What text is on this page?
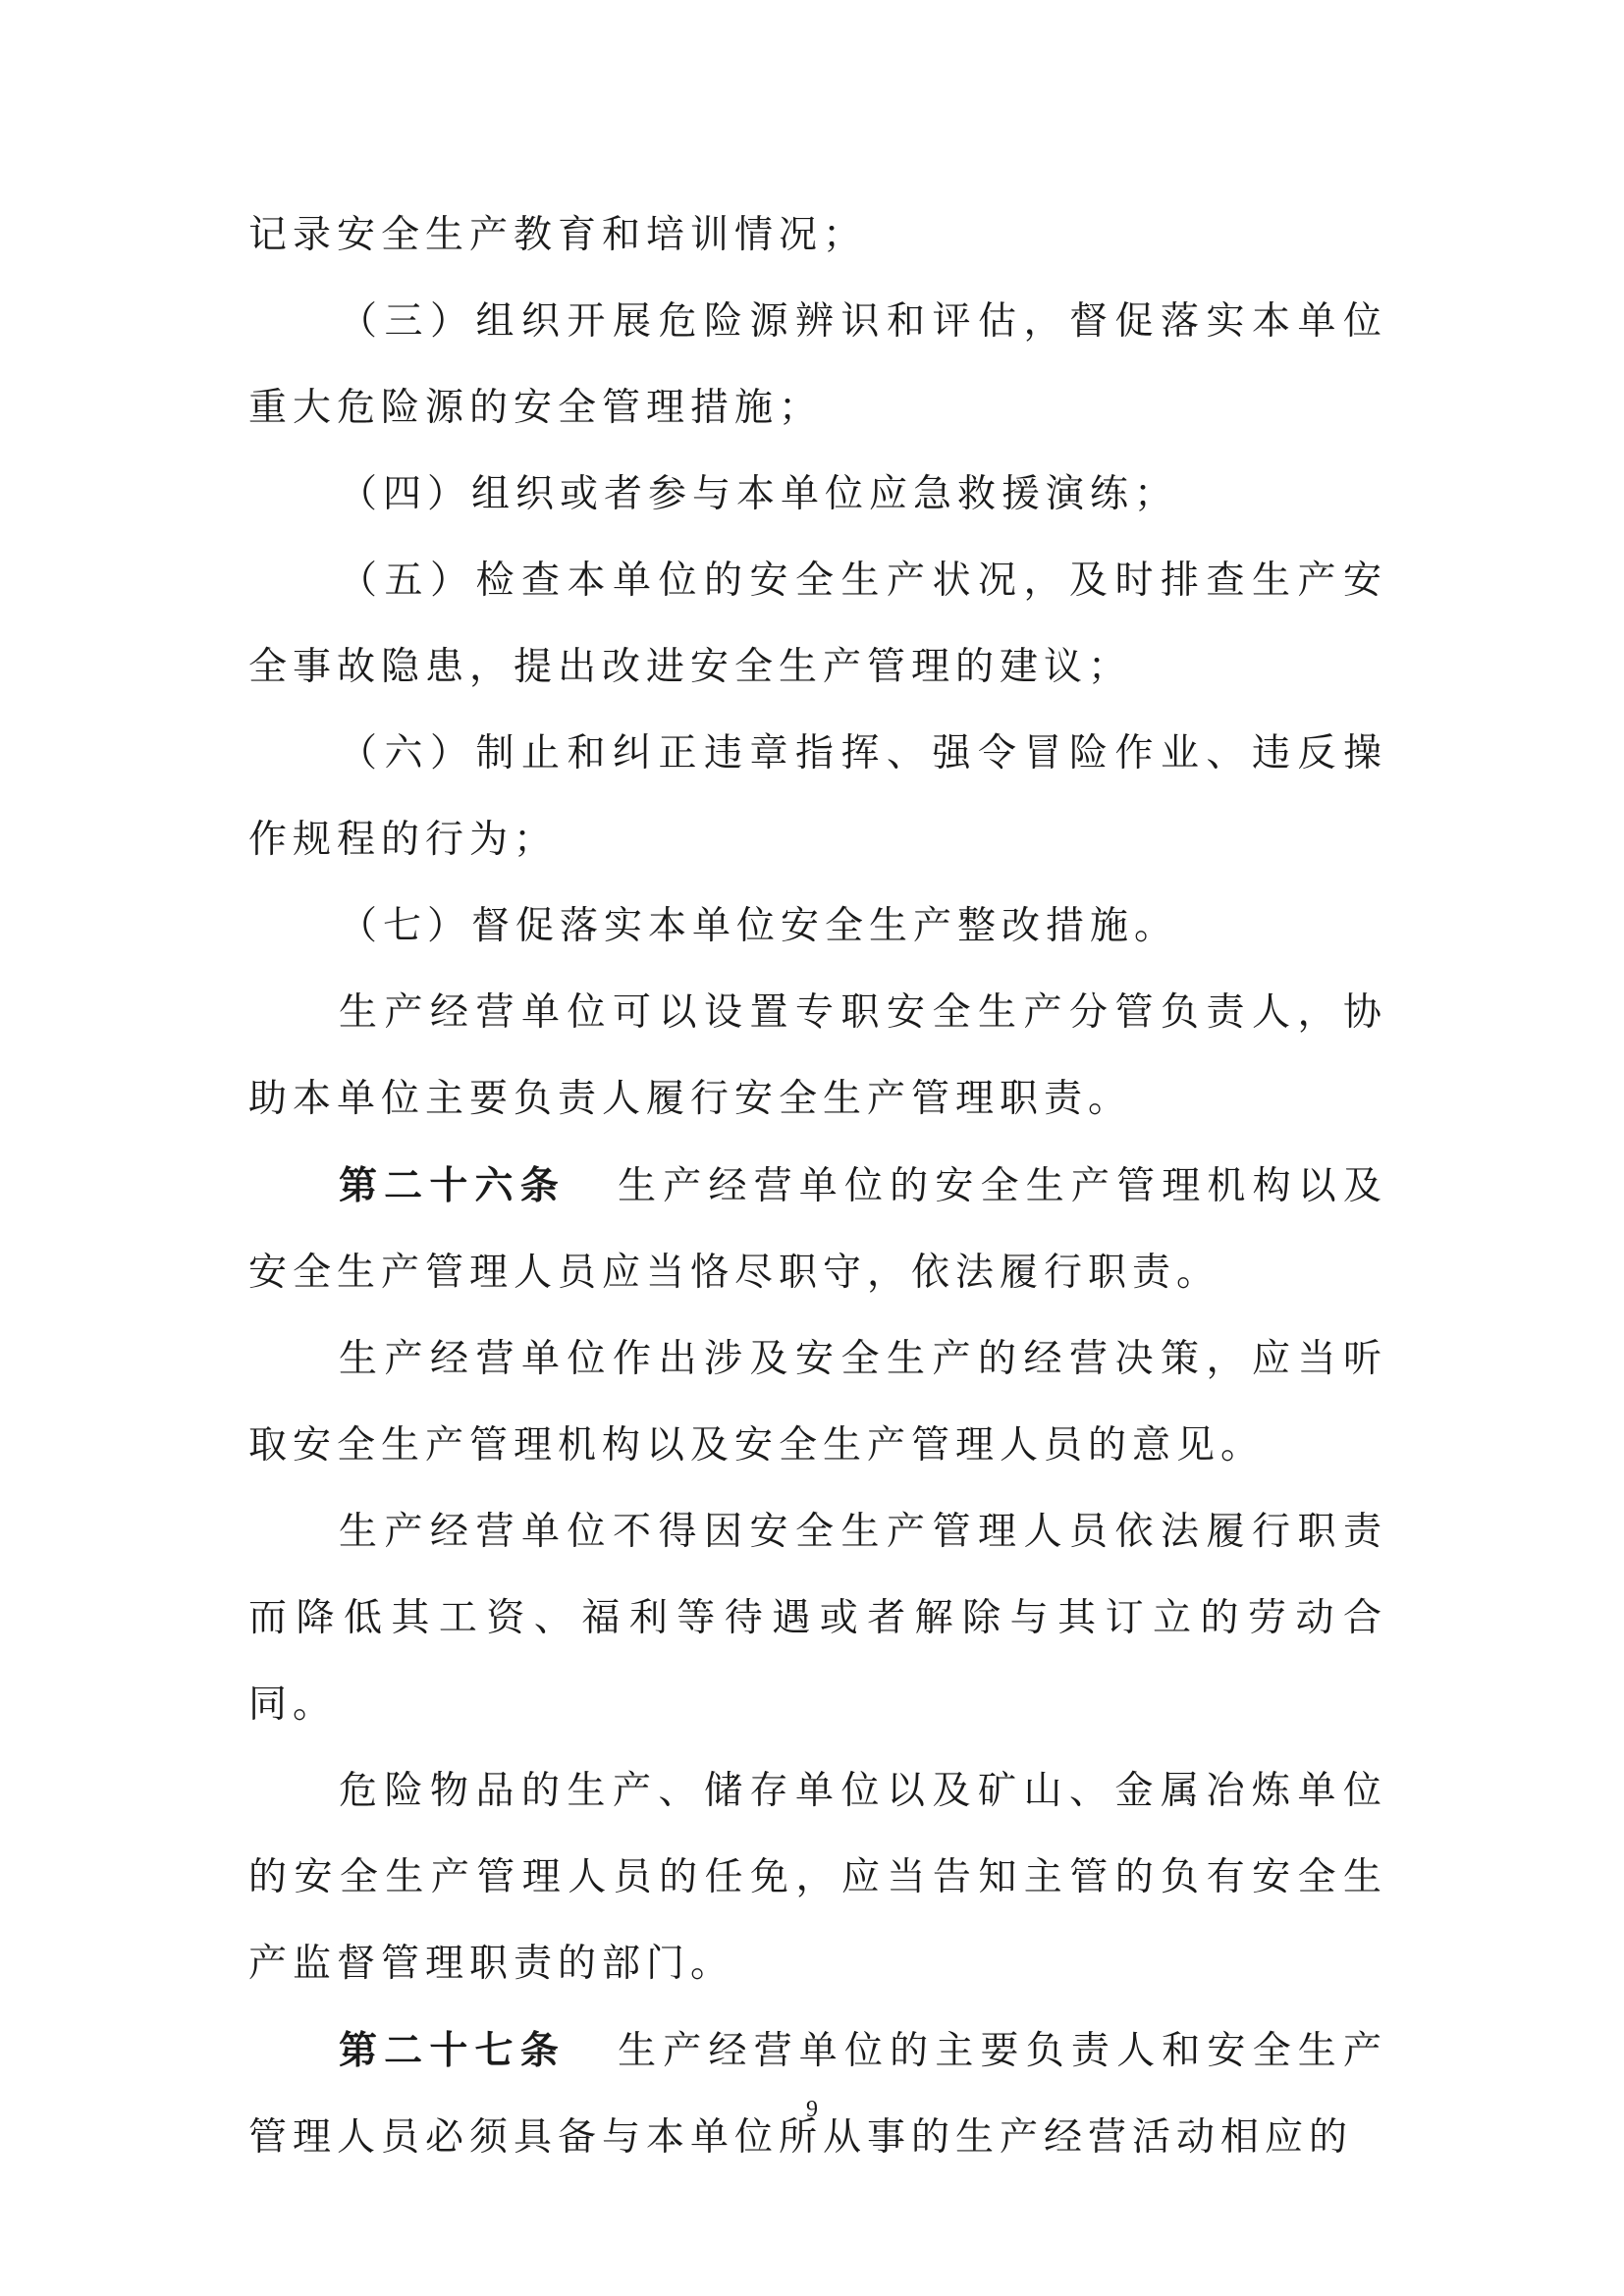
记录安全生产教育和培训情况；

（三）组织开展危险源辨识和评估，督促落实本单位重大危险源的安全管理措施；

（四）组织或者参与本单位应急救援演练；

（五）检查本单位的安全生产状况，及时排查生产安全事故隐患，提出改进安全生产管理的建议；

（六）制止和纠正违章指挥、强令冒险作业、违反操作规程的行为；

（七）督促落实本单位安全生产整改措施。

生产经营单位可以设置专职安全生产分管负责人，协助本单位主要负责人履行安全生产管理职责。

第二十六条 生产经营单位的安全生产管理机构以及安全生产管理人员应当恪尽职守，依法履行职责。

生产经营单位作出涉及安全生产的经营决策，应当听取安全生产管理机构以及安全生产管理人员的意见。

生产经营单位不得因安全生产管理人员依法履行职责而降低其工资、福利等待遇或者解除与其订立的劳动合同。

危险物品的生产、储存单位以及矿山、金属冶炼单位的安全生产管理人员的任免，应当告知主管的负有安全生产监督管理职责的部门。

第二十七条 生产经营单位的主要负责人和安全生产管理人员必须具备与本单位所从事的生产经营活动相应的

9
